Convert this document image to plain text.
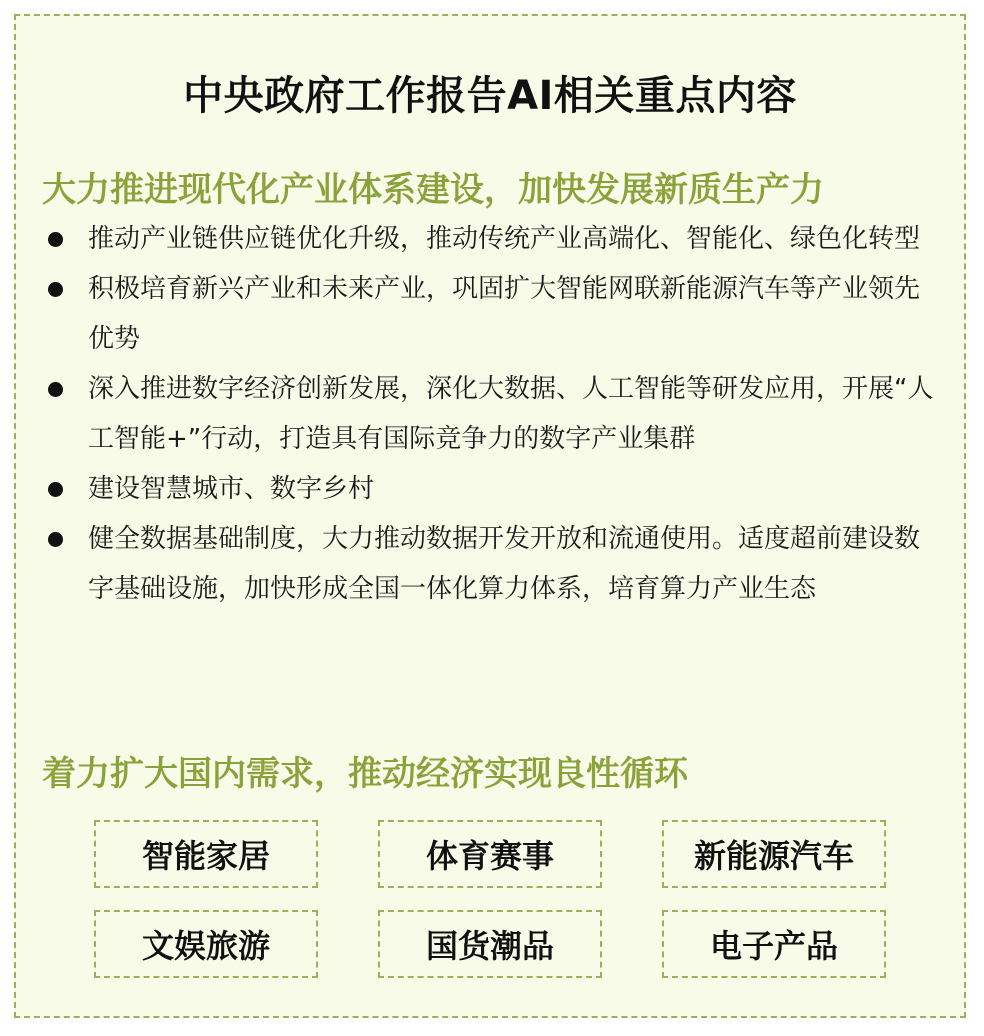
中央政府工作报告AI相关重点内容
大力推进现代化产业体系建设，加快发展新质生产力
推动产业链供应链优化升级，推动传统产业高端化、智能化、绿色化转型
积极培育新兴产业和未来产业，巩固扩大智能网联新能源汽车等产业领先优势
深入推进数字经济创新发展，深化大数据、人工智能等研发应用，开展“人工智能+”行动，打造具有国际竞争力的数字产业集群
建设智慧城市、数字乡村
健全数据基础制度，大力推动数据开发开放和流通使用。适度超前建设数字基础设施，加快形成全国一体化算力体系，培育算力产业生态
着力扩大国内需求，推动经济实现良性循环
智能家居	体育赛事	新能源汽车
文娱旅游	国货潮品	电子产品
